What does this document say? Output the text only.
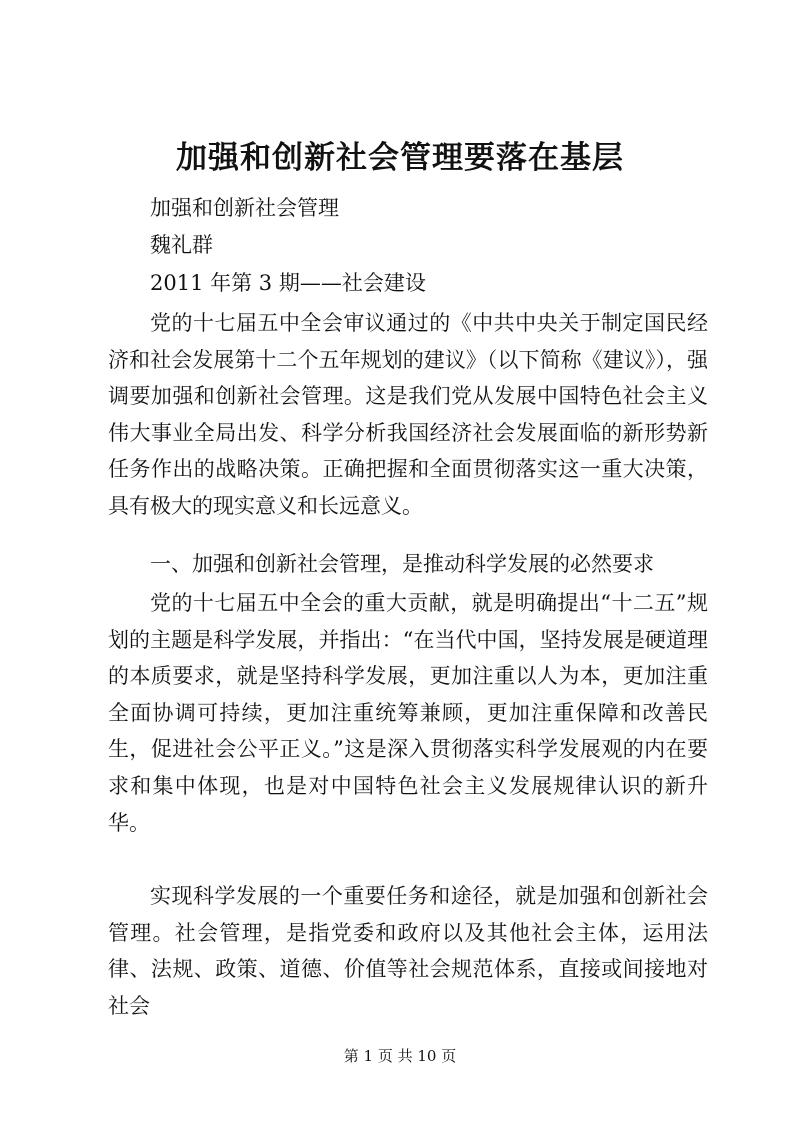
加强和创新社会管理要落在基层
加强和创新社会管理
魏礼群
2011 年第 3 期——社会建设

党的十七届五中全会审议通过的《中共中央关于制定国民经济和社会发展第十二个五年规划的建议》（以下简称《建议》），强调要加强和创新社会管理。这是我们党从发展中国特色社会主义伟大事业全局出发、科学分析我国经济社会发展面临的新形势新任务作出的战略决策。正确把握和全面贯彻落实这一重大决策，具有极大的现实意义和长远意义。

一、加强和创新社会管理，是推动科学发展的必然要求

党的十七届五中全会的重大贡献，就是明确提出“十二五”规划的主题是科学发展，并指出：“在当代中国，坚持发展是硬道理的本质要求，就是坚持科学发展，更加注重以人为本，更加注重全面协调可持续，更加注重统筹兼顾，更加注重保障和改善民生，促进社会公平正义。”这是深入贯彻落实科学发展观的内在要求和集中体现，也是对中国特色社会主义发展规律认识的新升华。

实现科学发展的一个重要任务和途径，就是加强和创新社会管理。社会管理，是指党委和政府以及其他社会主体，运用法律、法规、政策、道德、价值等社会规范体系，直接或间接地对社会

第 1 页 共 10 页
